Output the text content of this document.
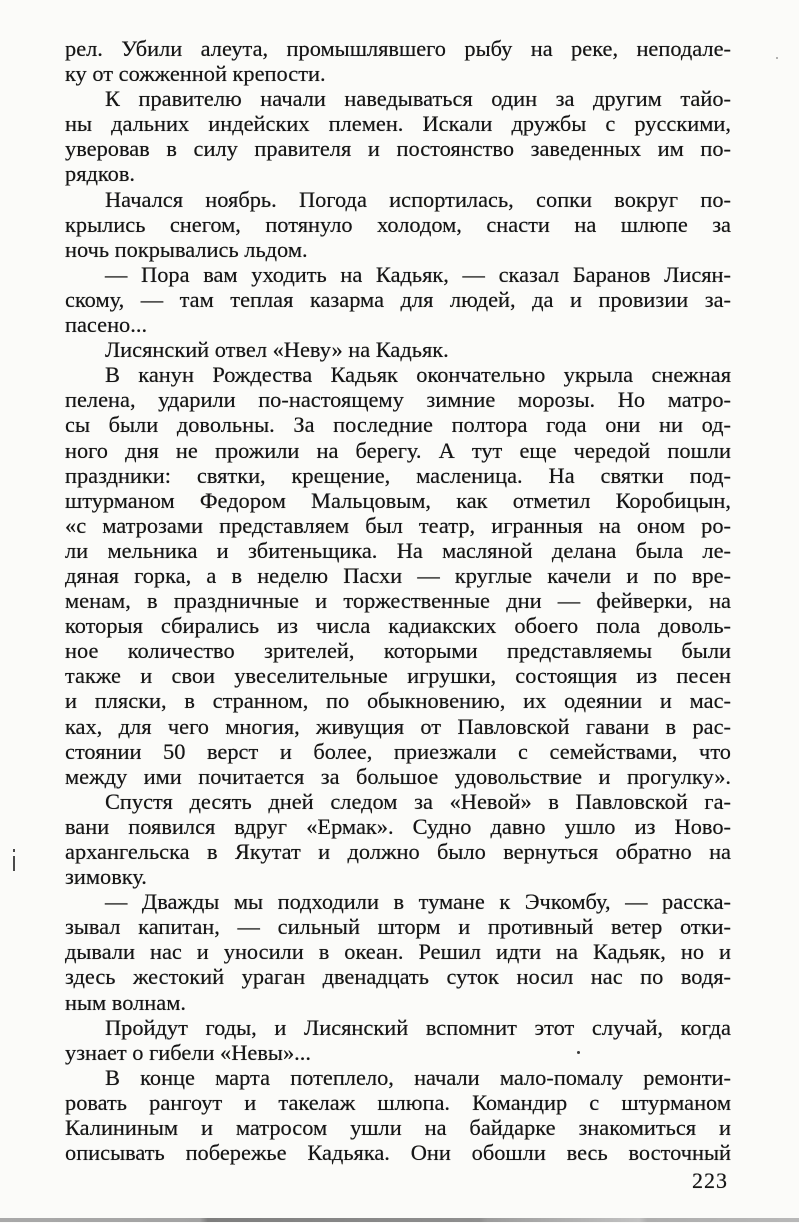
рел. Убили алеута, промышлявшего рыбу на реке, неподале-
ку от сожженной крепости.
К правителю начали наведываться один за другим тайо-
ны дальних индейских племен. Искали дружбы с русскими,
уверовав в силу правителя и постоянство заведенных им по-
рядков.
Начался ноябрь. Погода испортилась, сопки вокруг по-
крылись снегом, потянуло холодом, снасти на шлюпе за
ночь покрывались льдом.
— Пора вам уходить на Кадьяк, — сказал Баранов Лисян-
скому, — там теплая казарма для людей, да и провизии за-
пасено...
Лисянский отвел «Неву» на Кадьяк.
В канун Рождества Кадьяк окончательно укрыла снежная
пелена, ударили по-настоящему зимние морозы. Но матро-
сы были довольны. За последние полтора года они ни од-
ного дня не прожили на берегу. А тут еще чередой пошли
праздники: святки, крещение, масленица. На святки под-
штурманом Федором Мальцовым, как отметил Коробицын,
«с матрозами представляем был театр, игранныя на оном ро-
ли мельника и збитеньщика. На масляной делана была ле-
дяная горка, а в неделю Пасхи — круглые качели и по вре-
менам, в праздничные и торжественные дни — фейверки, на
которыя сбирались из числа кадиакских обоего пола доволь-
ное количество зрителей, которыми представляемы были
также и свои увеселительные игрушки, состоящия из песен
и пляски, в странном, по обыкновению, их одеянии и мас-
ках, для чего многия, живущия от Павловской гавани в рас-
стоянии 50 верст и более, приезжали с семействами, что
между ими почитается за большое удовольствие и прогулку».
Спустя десять дней следом за «Невой» в Павловской га-
вани появился вдруг «Ермак». Судно давно ушло из Ново-
архангельска в Якутат и должно было вернуться обратно на
зимовку.
— Дважды мы подходили в тумане к Эчкомбу, — расска-
зывал капитан, — сильный шторм и противный ветер отки-
дывали нас и уносили в океан. Решил идти на Кадьяк, но и
здесь жестокий ураган двенадцать суток носил нас по водя-
ным волнам.
Пройдут годы, и Лисянский вспомнит этот случай, когда
узнает о гибели «Невы»...
В конце марта потеплело, начали мало-помалу ремонти-
ровать рангоут и такелаж шлюпа. Командир с штурманом
Калининым и матросом ушли на байдарке знакомиться и
описывать побережье Кадьяка. Они обошли весь восточный
223
